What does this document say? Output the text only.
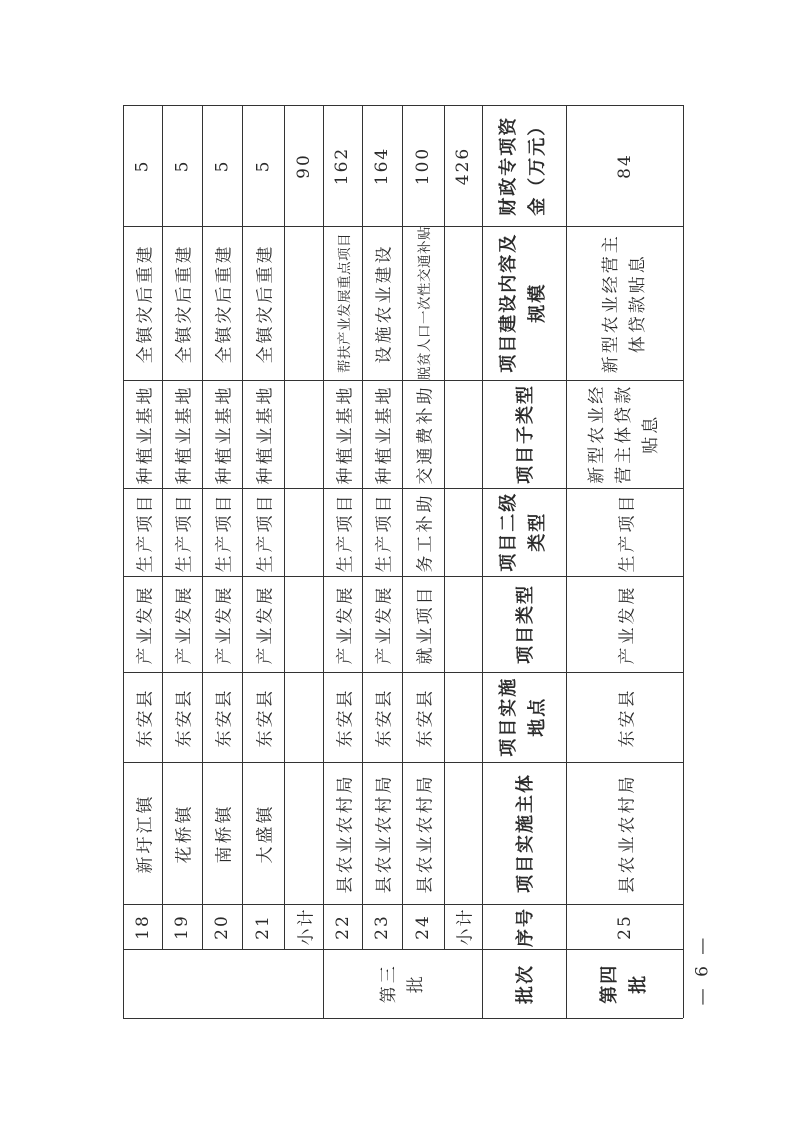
5
全镇灾后重建
种植业基地
生产项目
产业发展
东安县
新圩江镇
18
5
全镇灾后重建
种植业基地
生产项目
产业发展
东安县
花桥镇
19
5
全镇灾后重建
种植业基地
生产项目
产业发展
东安县
南桥镇
20
5
全镇灾后重建
种植业基地
生产项目
产业发展
东安县
大盛镇
21
90
小计
162
帮扶产业发展重点项目
种植业基地
生产项目
产业发展
东安县
县农业农村局
22
164
设施农业建设
种植业基地
生产项目
产业发展
东安县
县农业农村局
23
100
脱贫人口一次性交通补贴
交通费补助
务工补助
就业项目
东安县
县农业农村局
24
426
小计
第三 批
财政专项资 金（万元）
项目建设内容及 规模
项目子类型
项目二级 类型
项目类型
项目实施 地点
项目实施主体
序号
批次
84
新型农业经营主 体贷款贴息
新型农业经 营主体贷款 贴息
生产项目
产业发展
东安县
县农业农村局
25
第四 批	— 6 —
